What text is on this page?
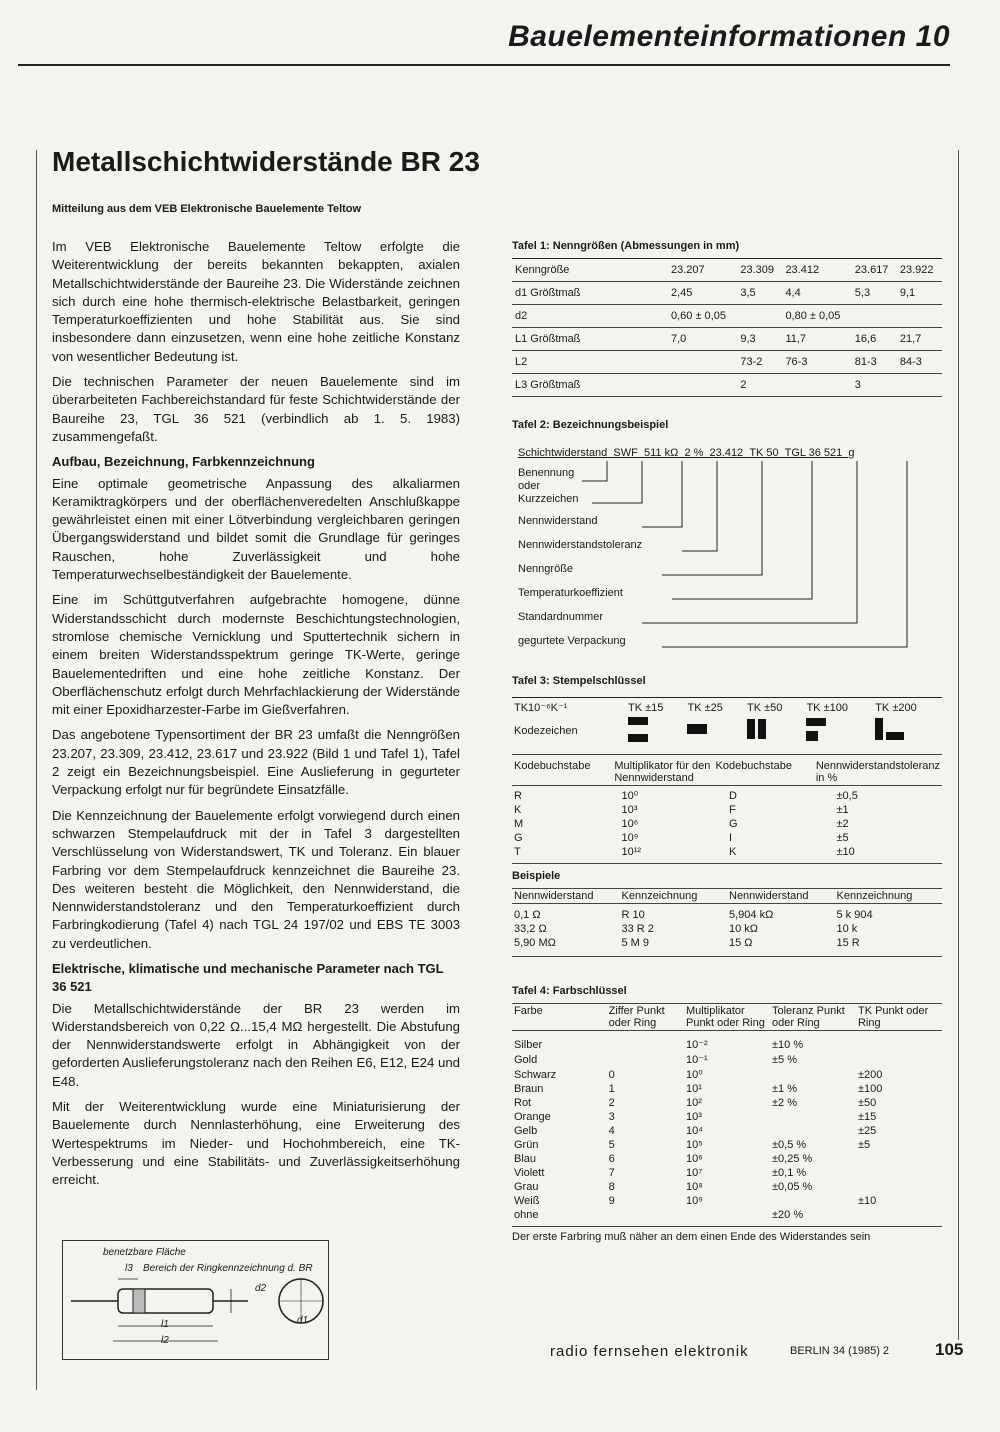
Bauelementeinformationen 10
Metallschichtwiderstände BR 23
Mitteilung aus dem VEB Elektronische Bauelemente Teltow

Im VEB Elektronische Bauelemente Teltow erfolgte die Weiterentwicklung der bereits bekannten bekappten, axialen Metallschichtwiderstände der Baureihe 23. Die Widerstände zeichnen sich durch eine hohe thermisch-elektrische Belastbarkeit, geringen Temperaturkoeffizienten und hohe Stabilität aus. Sie sind insbesondere dann einzusetzen, wenn eine hohe zeitliche Konstanz von wesentlicher Bedeutung ist.

Die technischen Parameter der neuen Bauelemente sind im überarbeiteten Fachbereichstandard für feste Schichtwiderstände der Baureihe 23, TGL 36 521 (verbindlich ab 1. 5. 1983) zusammengefaßt.

Aufbau, Bezeichnung, Farbkennzeichnung

Eine optimale geometrische Anpassung des alkaliarmen Keramiktragkörpers und der oberflächenveredelten Anschlußkappe gewährleistet einen mit einer Lötverbindung vergleichbaren geringen Übergangswiderstand und bildet somit die Grundlage für geringes Rauschen, hohe Zuverlässigkeit und hohe Temperaturwechselbeständigkeit der Bauelemente.

Eine im Schüttgutverfahren aufgebrachte homogene, dünne Widerstandsschicht durch modernste Beschichtungstechnologien, stromlose chemische Vernicklung und Sputtertechnik sichern in einem breiten Widerstandsspektrum geringe TK-Werte, geringe Bauelementedriften und eine hohe zeitliche Konstanz. Der Oberflächenschutz erfolgt durch Mehrfachlackierung der Widerstände mit einer Epoxidharzester-Farbe im Gießverfahren.

Das angebotene Typensortiment der BR 23 umfaßt die Nenngrößen 23.207, 23.309, 23.412, 23.617 und 23.922 (Bild 1 und Tafel 1), Tafel 2 zeigt ein Bezeichnungsbeispiel. Eine Auslieferung in gegurteter Verpackung erfolgt nur für begründete Einsatzfälle.

Die Kennzeichnung der Bauelemente erfolgt vorwiegend durch einen schwarzen Stempelaufdruck mit der in Tafel 3 dargestellten Verschlüsselung von Widerstandswert, TK und Toleranz. Ein blauer Farbring vor dem Stempelaufdruck kennzeichnet die Baureihe 23. Des weiteren besteht die Möglichkeit, den Nennwiderstand, die Nennwiderstandstoleranz und den Temperaturkoeffizient durch Farbringkodierung (Tafel 4) nach TGL 24 197/02 und EBS TE 3003 zu verdeutlichen.

Elektrische, klimatische und mechanische Parameter nach TGL 36 521

Die Metallschichtwiderstände der BR 23 werden im Widerstandsbereich von 0,22 Ω...15,4 MΩ hergestellt. Die Abstufung der Nennwiderstandswerte erfolgt in Abhängigkeit von der geforderten Auslieferungstoleranz nach den Reihen E6, E12, E24 und E48.

Mit der Weiterentwicklung wurde eine Miniaturisierung der Bauelemente durch Nennlasterhöhung, eine Erweiterung des Wertespektrums im Nieder- und Hochohmbereich, eine TK-Verbesserung und eine Stabilitäts- und Zuverlässigkeitserhöhung erreicht.

benetzbare Fläche
Bereich der Ringkennzeichnung d. BR
l3
l1
l2
d2
d1
Tafel 1: Nenngrößen (Abmessungen in mm)
Kenngröße	23.207	23.309	23.412	23.617	23.922
d1 Größtmaß	2,45	3,5	4,4	5,3	9,1
d2	0,60 ± 0,05		0,80 ± 0,05		
L1 Größtmaß	7,0	9,3	11,7	16,6	21,7
L2		73-2	76-3	81-3	84-3
L3 Größtmaß		2		3	
Tafel 2: Bezeichnungsbeispiel
Schichtwiderstand SWF 511 kΩ 2 % 23.412 TK 50 TGL 36 521 g
Benennung
oder
Kurzzeichen
Nennwiderstand
Nennwiderstandstoleranz
Nenngröße
Temperaturkoeffizient
Standardnummer
gegurtete Verpackung
Tafel 3: Stempelschlüssel
TK10⁻⁶K⁻¹	TK ±15	TK ±25	TK ±50	TK ±100	TK ±200
Kodezeichen	

Kodebuchstabe	Multiplikator für den Nennwiderstand	Kodebuchstabe	Nennwiderstandstoleranz in %
R	10⁰	D	±0,5
K	10³	F	±1
M	10⁶	G	±2
G	10⁹	I	±5
T	10¹²	K	±10
Beispiele
Nennwiderstand	Kennzeichnung	Nennwiderstand	Kennzeichnung
0,1 Ω	R 10	5,904 kΩ	5 k 904
33,2 Ω	33 R 2	10 kΩ	10 k
5,90 MΩ	5 M 9	15 Ω	15 R
Tafel 4: Farbschlüssel
Farbe	Ziffer Punkt oder Ring	Multiplikator Punkt oder Ring	Toleranz Punkt oder Ring	TK Punkt oder Ring
Silber		10⁻²	±10 %	
Gold		10⁻¹	±5 %	
Schwarz	0	10⁰		±200
Braun	1	10¹	±1 %	±100
Rot	2	10²	±2 %	±50
Orange	3	10³		±15
Gelb	4	10⁴		±25
Grün	5	10⁵	±0,5 %	±5
Blau	6	10⁶	±0,25 %	
Violett	7	10⁷	±0,1 %	
Grau	8	10⁸	±0,05 %	
Weiß	9	10⁹		±10
ohne			±20 %	
Der erste Farbring muß näher an dem einen Ende des Widerstandes sein
radio fernsehen elektronik	BERLIN 34 (1985) 2	105
